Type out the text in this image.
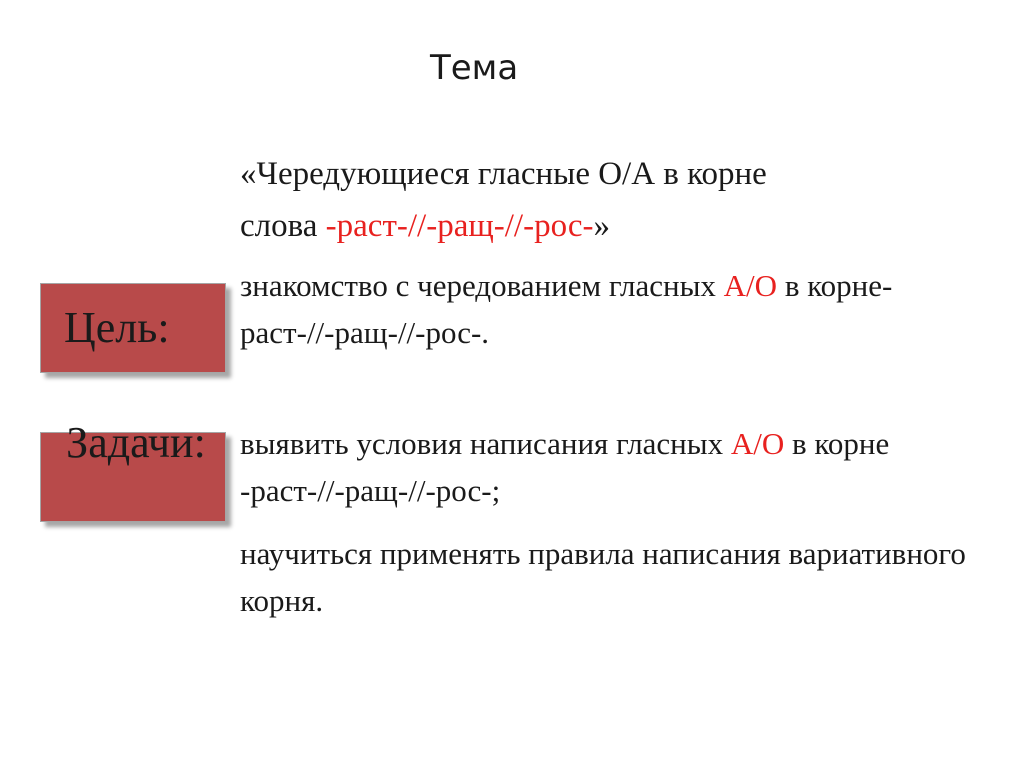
Тема
«Чередующиеся гласные О/А в корне слова -раст-//-ращ-//-рос-»
Цель:
знакомство с чередованием гласных А/О в корне-раст-//-ращ-//-рос-.
Задачи:	выявить условия написания гласных А/О в корне -раст-//-ращ-//-рос-;
научиться применять правила написания вариативного корня.
